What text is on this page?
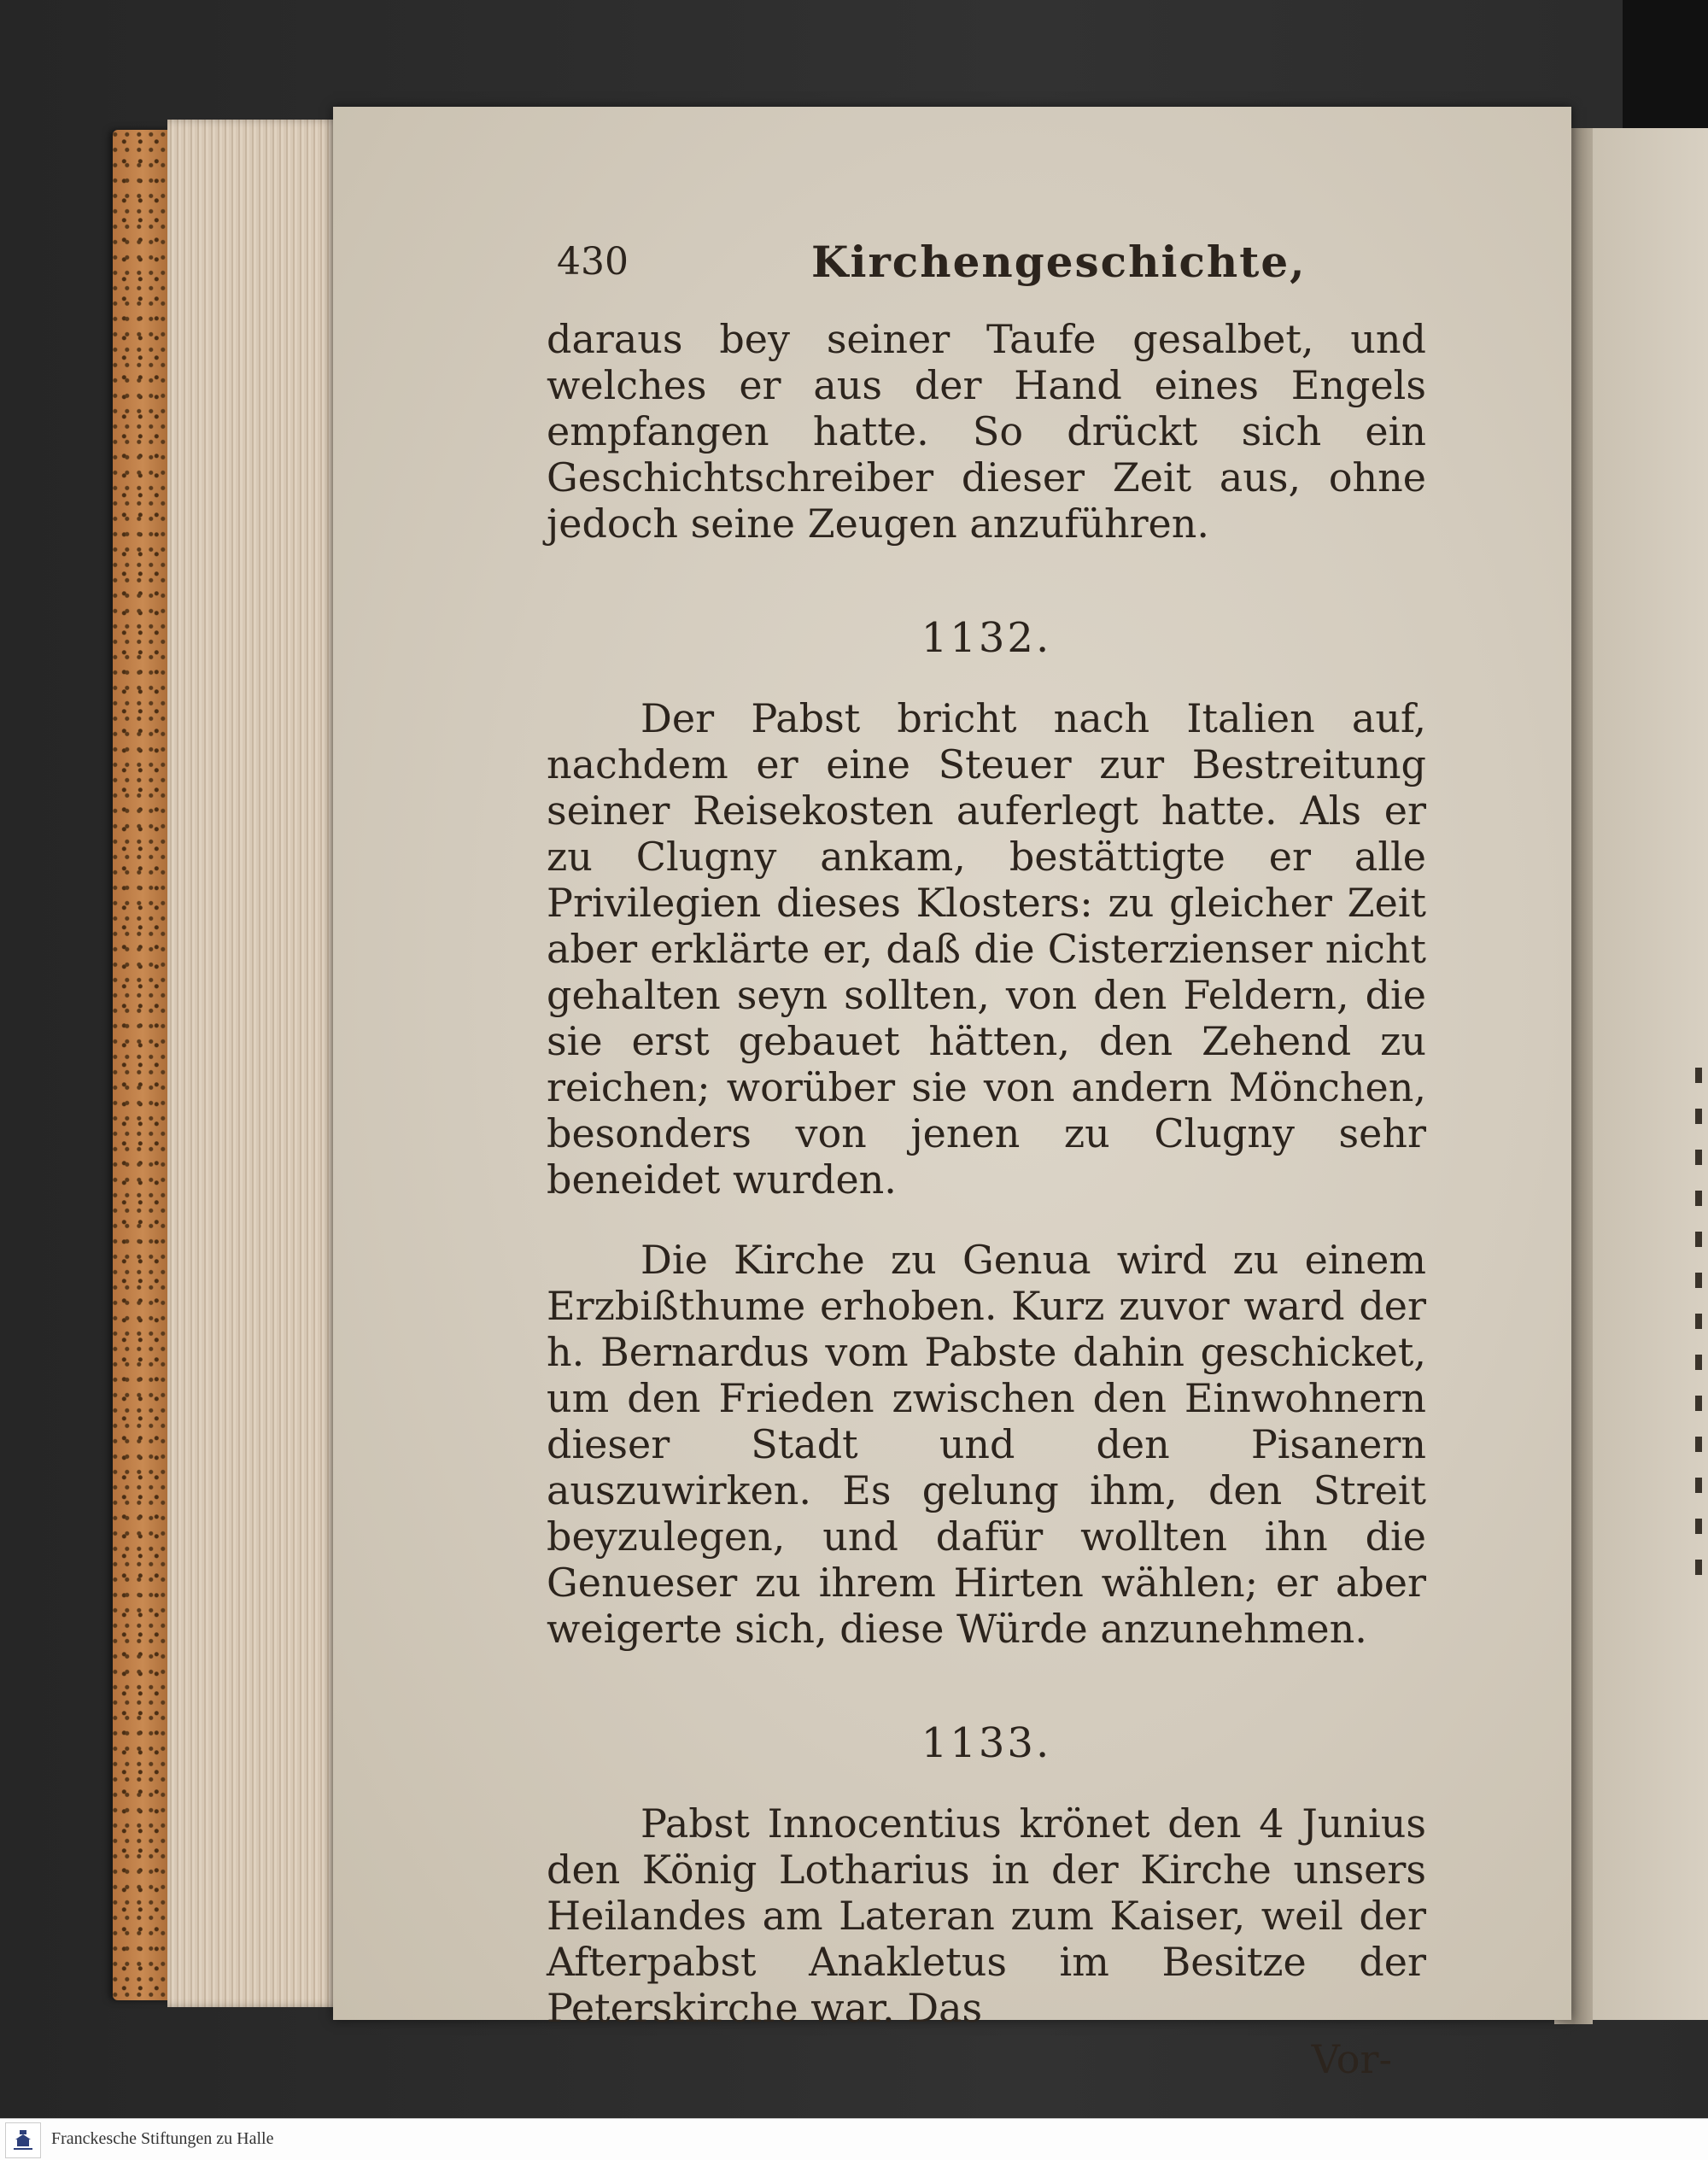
430	Kirchengeschichte,

daraus bey seiner Taufe gesalbet, und welches er aus der Hand eines Engels empfangen hatte. So drückt sich ein Geschichtschreiber dieser Zeit aus, ohne jedoch seine Zeugen anzuführen.

1132.

Der Pabst bricht nach Italien auf, nachdem er eine Steuer zur Bestreitung seiner Reisekosten auferlegt hatte. Als er zu Clugny ankam, bestättigte er alle Privilegien dieses Klosters: zu gleicher Zeit aber erklärte er, daß die Cisterzienser nicht gehalten seyn sollten, von den Feldern, die sie erst gebauet hätten, den Zehend zu reichen; worüber sie von andern Mönchen, besonders von jenen zu Clugny sehr beneidet wurden.

Die Kirche zu Genua wird zu einem Erzbißthume erhoben. Kurz zuvor ward der h. Bernardus vom Pabste dahin geschicket, um den Frieden zwischen den Einwohnern dieser Stadt und den Pisanern auszuwirken. Es gelung ihm, den Streit beyzulegen, und dafür wollten ihn die Genueser zu ihrem Hirten wählen; er aber weigerte sich, diese Würde anzunehmen.

1133.

Pabst Innocentius krönet den 4 Junius den König Lotharius in der Kirche unsers Heilandes am Lateran zum Kaiser, weil der Afterpabst Anakletus im Besitze der Peterskirche war. Das

Vor-
Franckesche Stiftungen zu Halle
